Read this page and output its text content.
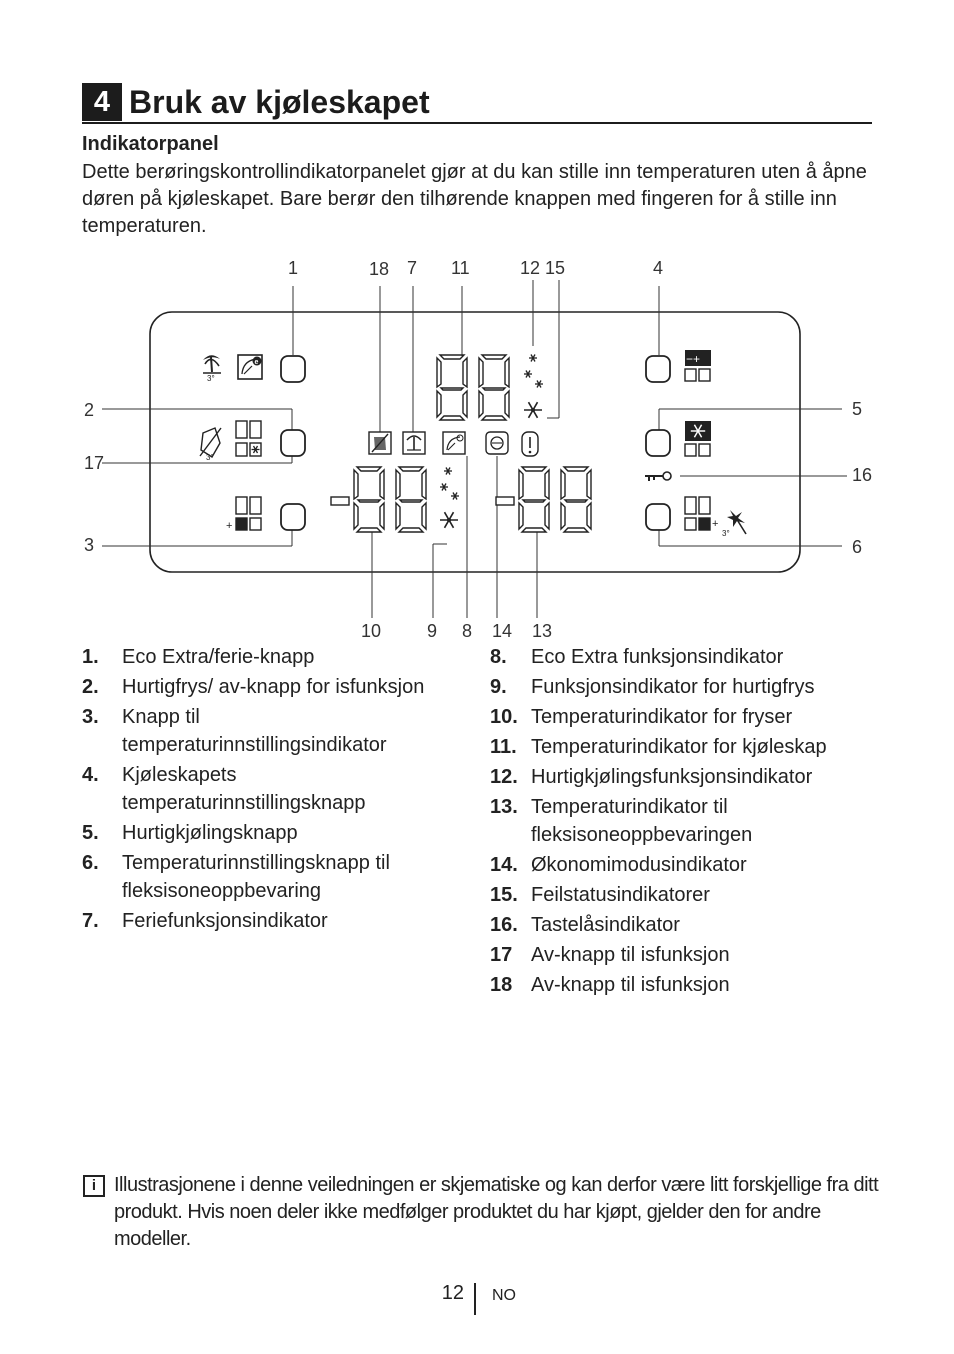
4 Bruk av kjøleskapet
Indikatorpanel
Dette berøringskontrollindikatorpanelet gjør at du kan stille inn temperaturen uten å åpne døren på kjøleskapet. Bare berør den tilhørende knappen med fingeren for å stille inn temperaturen.
3°
e
3°
+
−+
+
3°
1	18 7 11	12 15	4
2
17
3
5
16
6
10	9 8 14 13
1.	Eco Extra/ferie-knapp
2.	Hurtigfrys/ av-knapp for isfunksjon
3.	Knapp til temperaturinnstillingsindikator
4.	Kjøleskapets temperaturinnstillingsknapp
5.	Hurtigkjølingsknapp
6.	Temperaturinnstillingsknapp til fleksisoneoppbevaring
7.	Feriefunksjonsindikator
8.	Eco Extra funksjonsindikator
9.	Funksjonsindikator for hurtigfrys
10. Temperaturindikator for fryser
11. Temperaturindikator for kjøleskap
12. Hurtigkjølingsfunksjonsindikator
13. Temperaturindikator til fleksisoneoppbevaringen
14. Økonomimodusindikator
15. Feilstatusindikatorer
16. Tastelåsindikator
17 Av-knapp til isfunksjon
18 Av-knapp til isfunksjon
i Illustrasjonene i denne veiledningen er skjematiske og kan derfor være litt forskjellige fra ditt produkt. Hvis noen deler ikke medfølger produktet du har kjøpt, gjelder den for andre modeller.
12 NO
